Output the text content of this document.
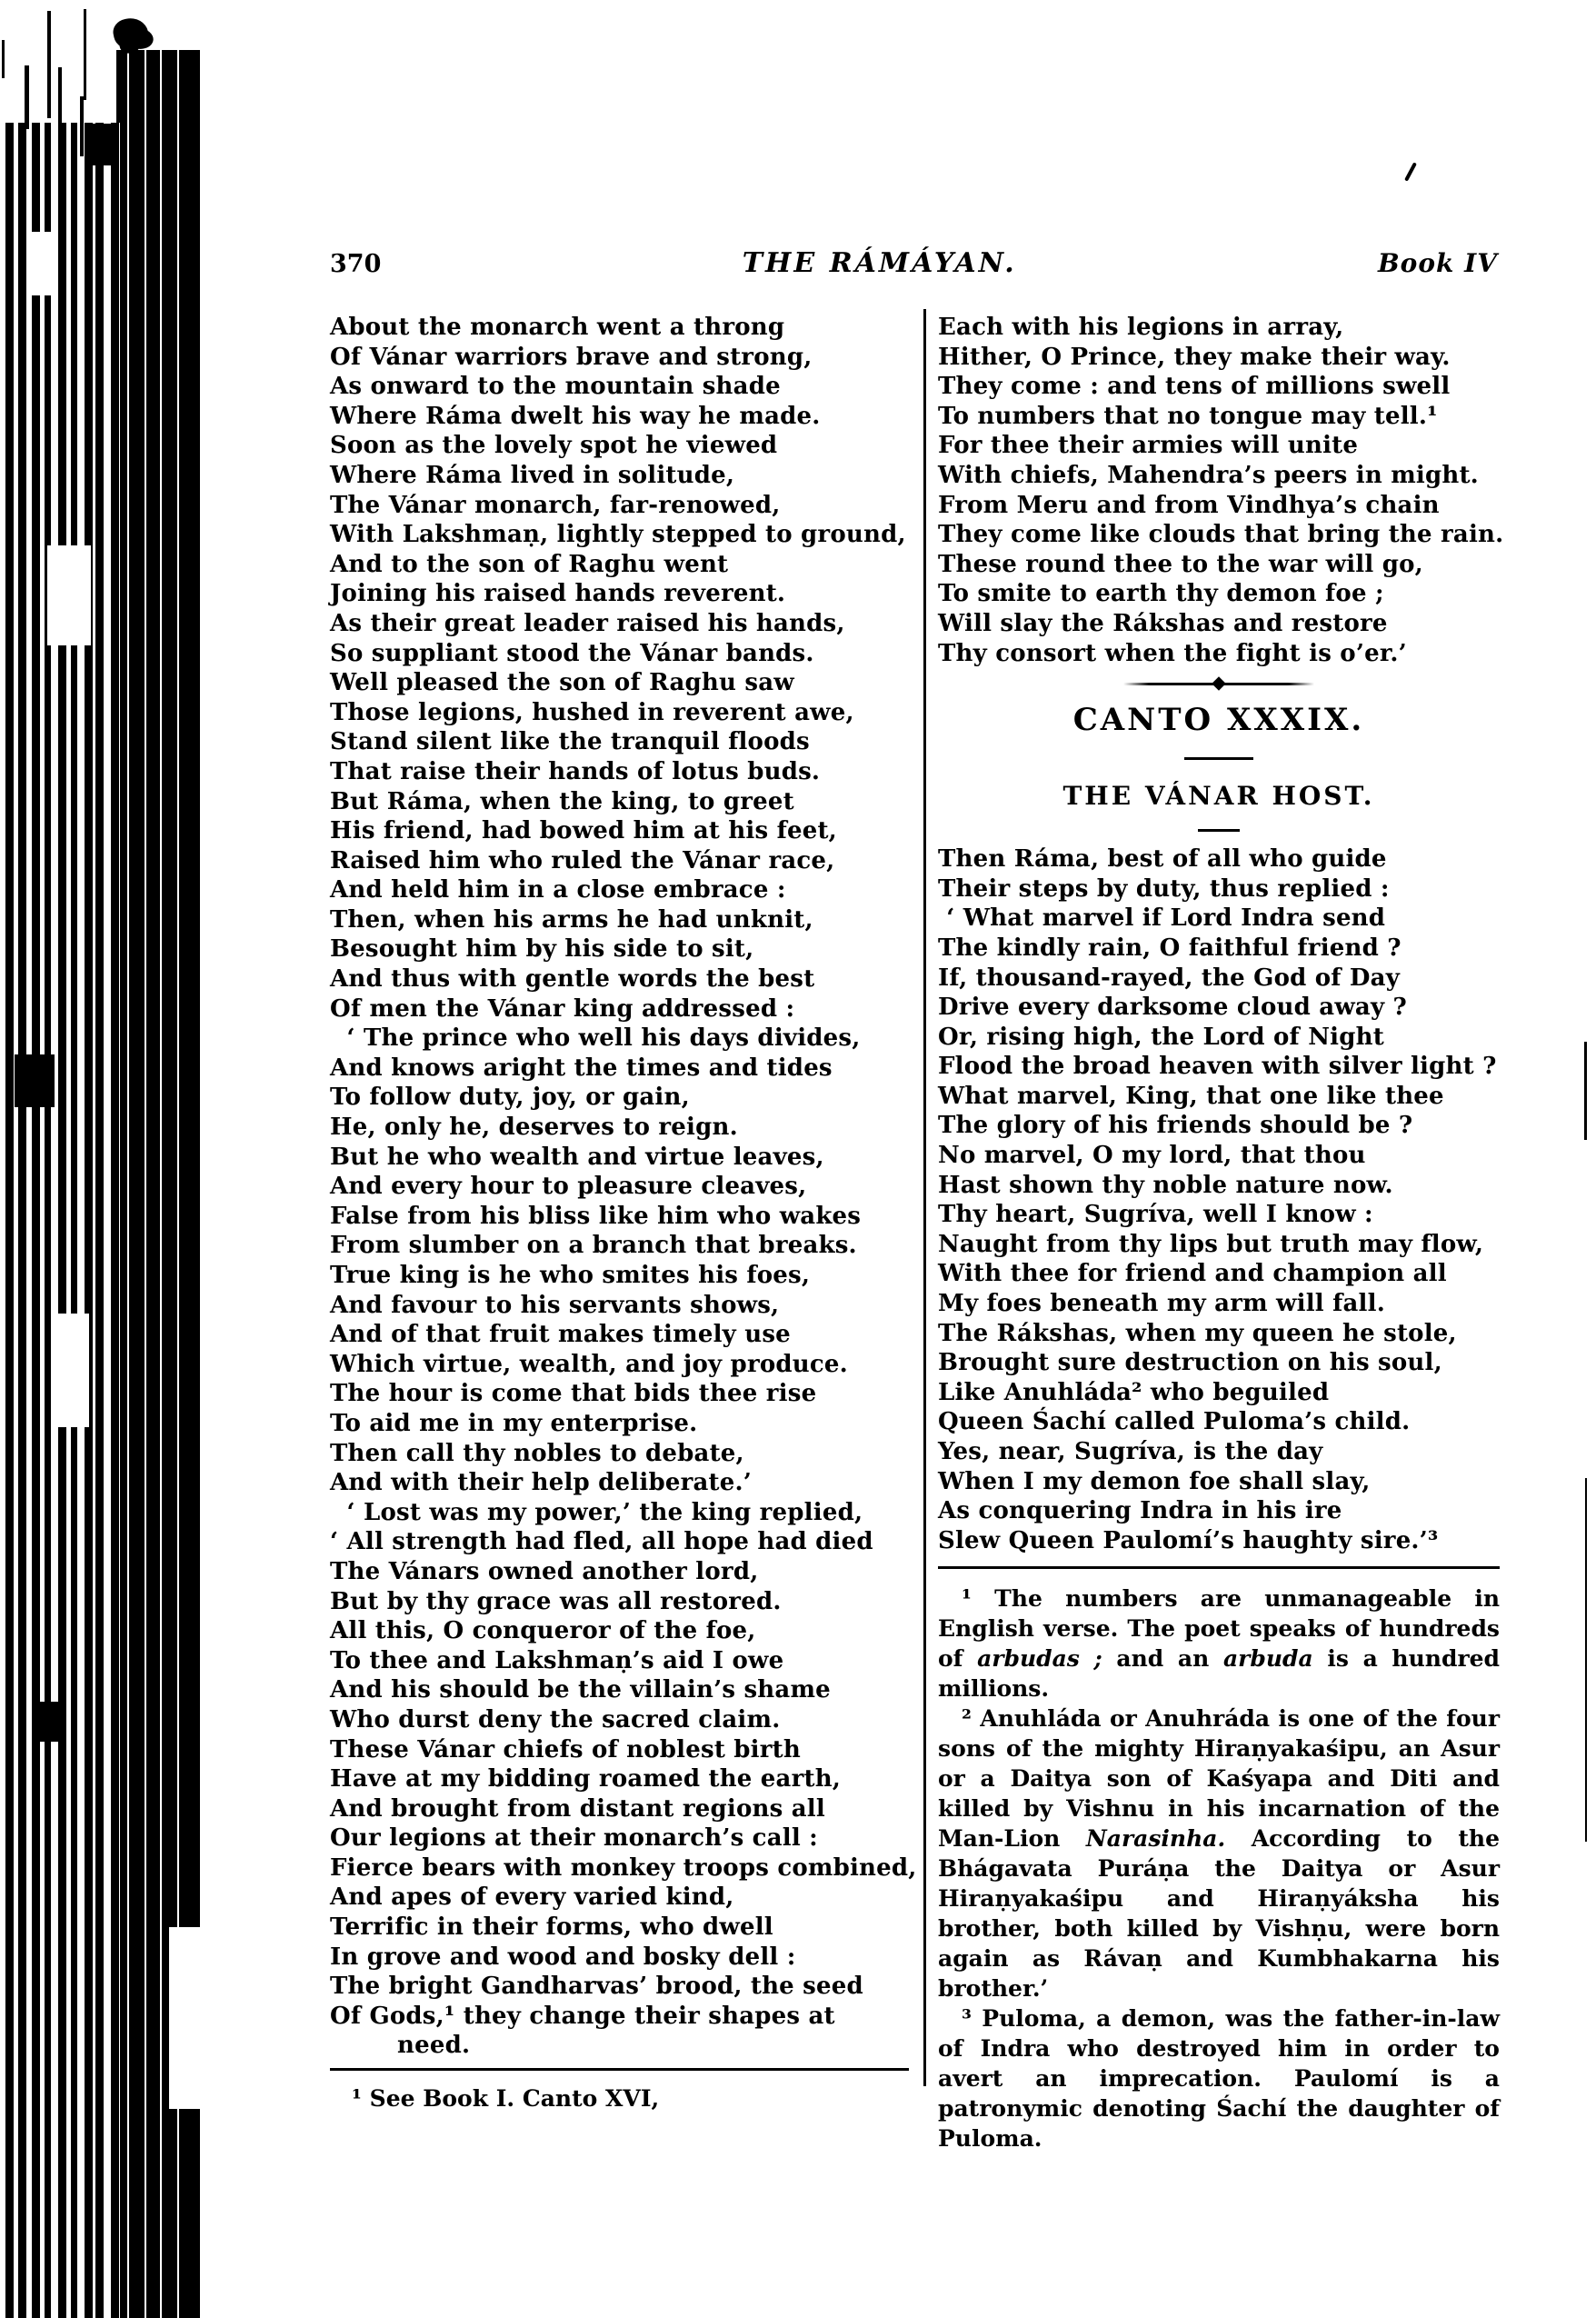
370	THE RÁMÁYAN.	Book IV
About the monarch went a throng
Of Vánar warriors brave and strong,
As onward to the mountain shade
Where Ráma dwelt his way he made.
Soon as the lovely spot he viewed
Where Ráma lived in solitude,
The Vánar monarch, far-renowed,
With Lakshmaṇ, lightly stepped to ground,
And to the son of Raghu went
Joining his raised hands reverent.
As their great leader raised his hands,
So suppliant stood the Vánar bands.
Well pleased the son of Raghu saw
Those legions, hushed in reverent awe,
Stand silent like the tranquil floods
That raise their hands of lotus buds.
But Ráma, when the king, to greet
His friend, had bowed him at his feet,
Raised him who ruled the Vánar race,
And held him in a close embrace :
Then, when his arms he had unknit,
Besought him by his side to sit,
And thus with gentle words the best
Of men the Vánar king addressed :
‘ The prince who well his days divides,
And knows aright the times and tides
To follow duty, joy, or gain,
He, only he, deserves to reign.
But he who wealth and virtue leaves,
And every hour to pleasure cleaves,
False from his bliss like him who wakes
From slumber on a branch that breaks.
True king is he who smites his foes,
And favour to his servants shows,
And of that fruit makes timely use
Which virtue, wealth, and joy produce.
The hour is come that bids thee rise
To aid me in my enterprise.
Then call thy nobles to debate,
And with their help deliberate.’
‘ Lost was my power,’ the king replied,
‘ All strength had fled, all hope had died
The Vánars owned another lord,
But by thy grace was all restored.
All this, O conqueror of the foe,
To thee and Lakshmaṇ’s aid I owe
And his should be the villain’s shame
Who durst deny the sacred claim.
These Vánar chiefs of noblest birth
Have at my bidding roamed the earth,
And brought from distant regions all
Our legions at their monarch’s call :
Fierce bears with monkey troops combined,
And apes of every varied kind,
Terrific in their forms, who dwell
In grove and wood and bosky dell :
The bright Gandharvas’ brood, the seed
Of Gods,¹ they change their shapes at
need.
¹ See Book I. Canto XVI,
Each with his legions in array,
Hither, O Prince, they make their way.
They come : and tens of millions swell
To numbers that no tongue may tell.¹
For thee their armies will unite
With chiefs, Mahendra’s peers in might.
From Meru and from Vindhya’s chain
They come like clouds that bring the rain.
These round thee to the war will go,
To smite to earth thy demon foe ;
Will slay the Rákshas and restore
Thy consort when the fight is o’er.’
CANTO XXXIX.
THE VÁNAR HOST.
Then Ráma, best of all who guide
Their steps by duty, thus replied :
‘ What marvel if Lord Indra send
The kindly rain, O faithful friend ?
If, thousand-rayed, the God of Day
Drive every darksome cloud away ?
Or, rising high, the Lord of Night
Flood the broad heaven with silver light ?
What marvel, King, that one like thee
The glory of his friends should be ?
No marvel, O my lord, that thou
Hast shown thy noble nature now.
Thy heart, Sugríva, well I know :
Naught from thy lips but truth may flow,
With thee for friend and champion all
My foes beneath my arm will fall.
The Rákshas, when my queen he stole,
Brought sure destruction on his soul,
Like Anuhláda² who beguiled
Queen Śachí called Puloma’s child.
Yes, near, Sugríva, is the day
When I my demon foe shall slay,
As conquering Indra in his ire
Slew Queen Paulomí’s haughty sire.’³

¹ The numbers are unmanageable in English verse. The poet speaks of hundreds of arbudas ; and an arbuda is a hundred millions.

² Anuhláda or Anuhráda is one of the four sons of the mighty Hiraṇyakaśipu, an Asur or a Daitya son of Kaśyapa and Diti and killed by Vishnu in his incarnation of the Man-Lion Narasinha. According to the Bhágavata Puráṇa the Daitya or Asur Hiraṇyakaśipu and Hiraṇyáksha his brother, both killed by Vishṇu, were born again as Rávaṇ and Kumbhakarna his brother.’

³ Puloma, a demon, was the father-in-law of Indra who destroyed him in order to avert an imprecation. Paulomí is a patronymic denoting Śachí the daughter of Puloma.
